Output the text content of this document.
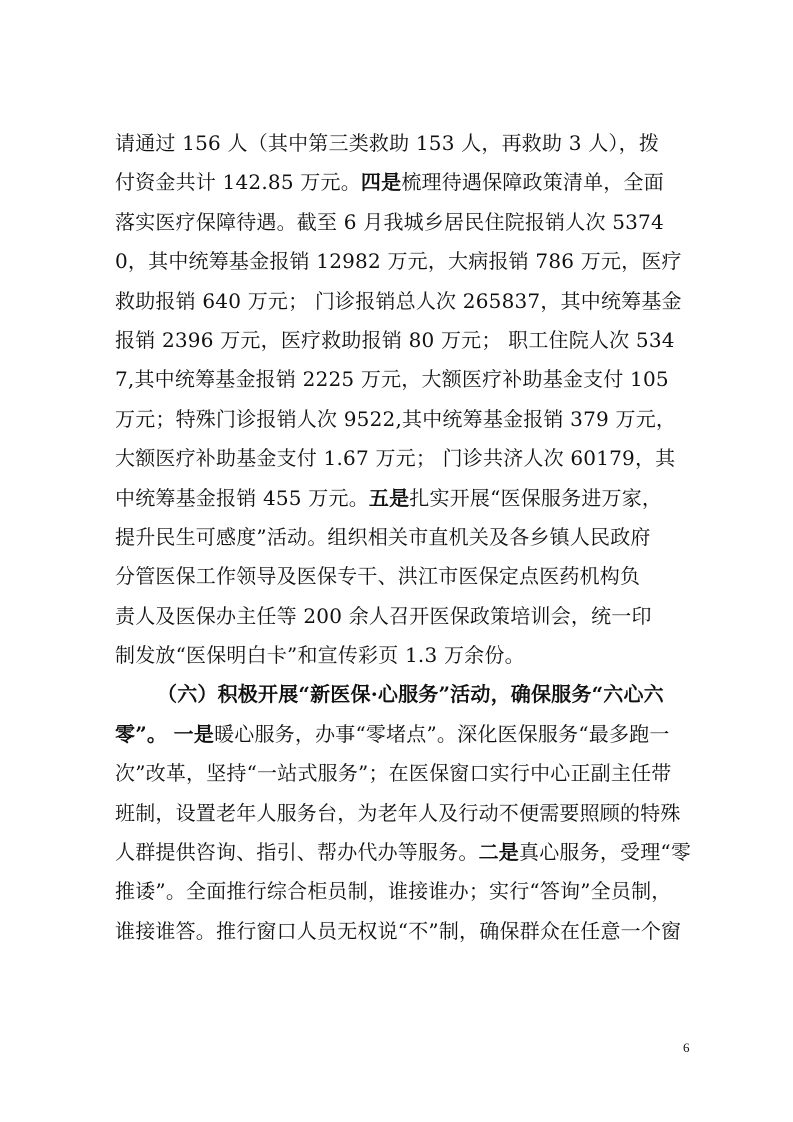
请通过 156 人（其中第三类救助 153 人，再救助 3 人），拨
付资金共计 142.85 万元。四是梳理待遇保障政策清单，全面
落实医疗保障待遇。截至 6 月我城乡居民住院报销人次 5374
0，其中统筹基金报销 12982 万元，大病报销 786 万元，医疗
救助报销 640 万元； 门诊报销总人次 265837，其中统筹基金
报销 2396 万元，医疗救助报销 80 万元； 职工住院人次 534
7,其中统筹基金报销 2225 万元，大额医疗补助基金支付 105
万元；特殊门诊报销人次 9522,其中统筹基金报销 379 万元，
大额医疗补助基金支付 1.67 万元； 门诊共济人次 60179，其
中统筹基金报销 455 万元。五是扎实开展“医保服务进万家，
提升民生可感度”活动。组织相关市直机关及各乡镇人民政府
分管医保工作领导及医保专干、洪江市医保定点医药机构负
责人及医保办主任等 200 余人召开医保政策培训会，统一印
制发放“医保明白卡”和宣传彩页 1.3 万余份。
（六）积极开展“新医保·心服务”活动，确保服务“六心六
零”。 一是暖心服务，办事“零堵点”。深化医保服务“最多跑一
次”改革，坚持“一站式服务”；在医保窗口实行中心正副主任带
班制，设置老年人服务台，为老年人及行动不便需要照顾的特殊
人群提供咨询、指引、帮办代办等服务。二是真心服务，受理“零
推诿”。全面推行综合柜员制，谁接谁办；实行“答询”全员制，
谁接谁答。推行窗口人员无权说“不”制，确保群众在任意一个窗
6
